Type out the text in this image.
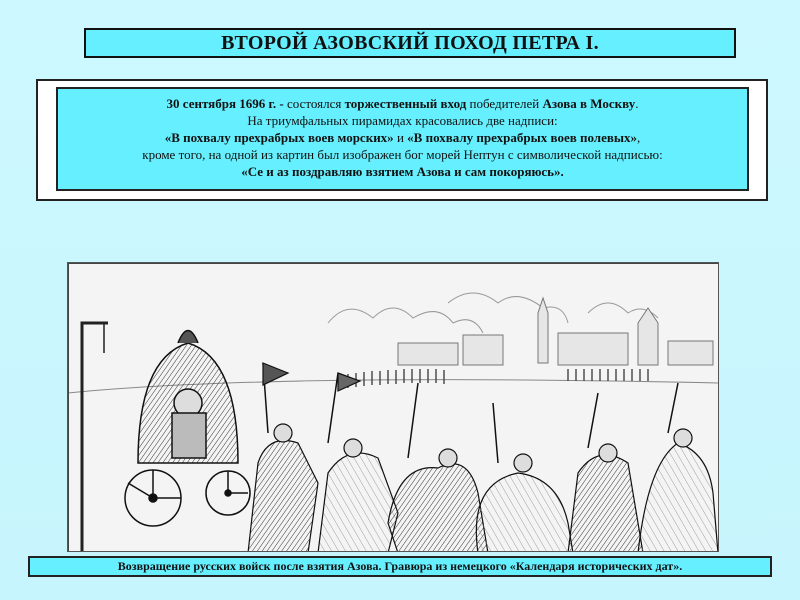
ВТОРОЙ АЗОВСКИЙ ПОХОД ПЕТРА I.
30 сентября 1696 г. - состоялся торжественный вход победителей Азова в Москву.
На триумфальных пирамидах красовались две надписи:
«В похвалу прехрабрых воев морских» и «В похвалу прехрабрых воев полевых»,
кроме того, на одной из картин был изображен бог морей Нептун с символической надписью:
«Се и аз поздравляю взятием Азова и сам покоряюсь».
Возвращение русских войск после взятия Азова. Гравюра из немецкого «Календаря исторических дат».
